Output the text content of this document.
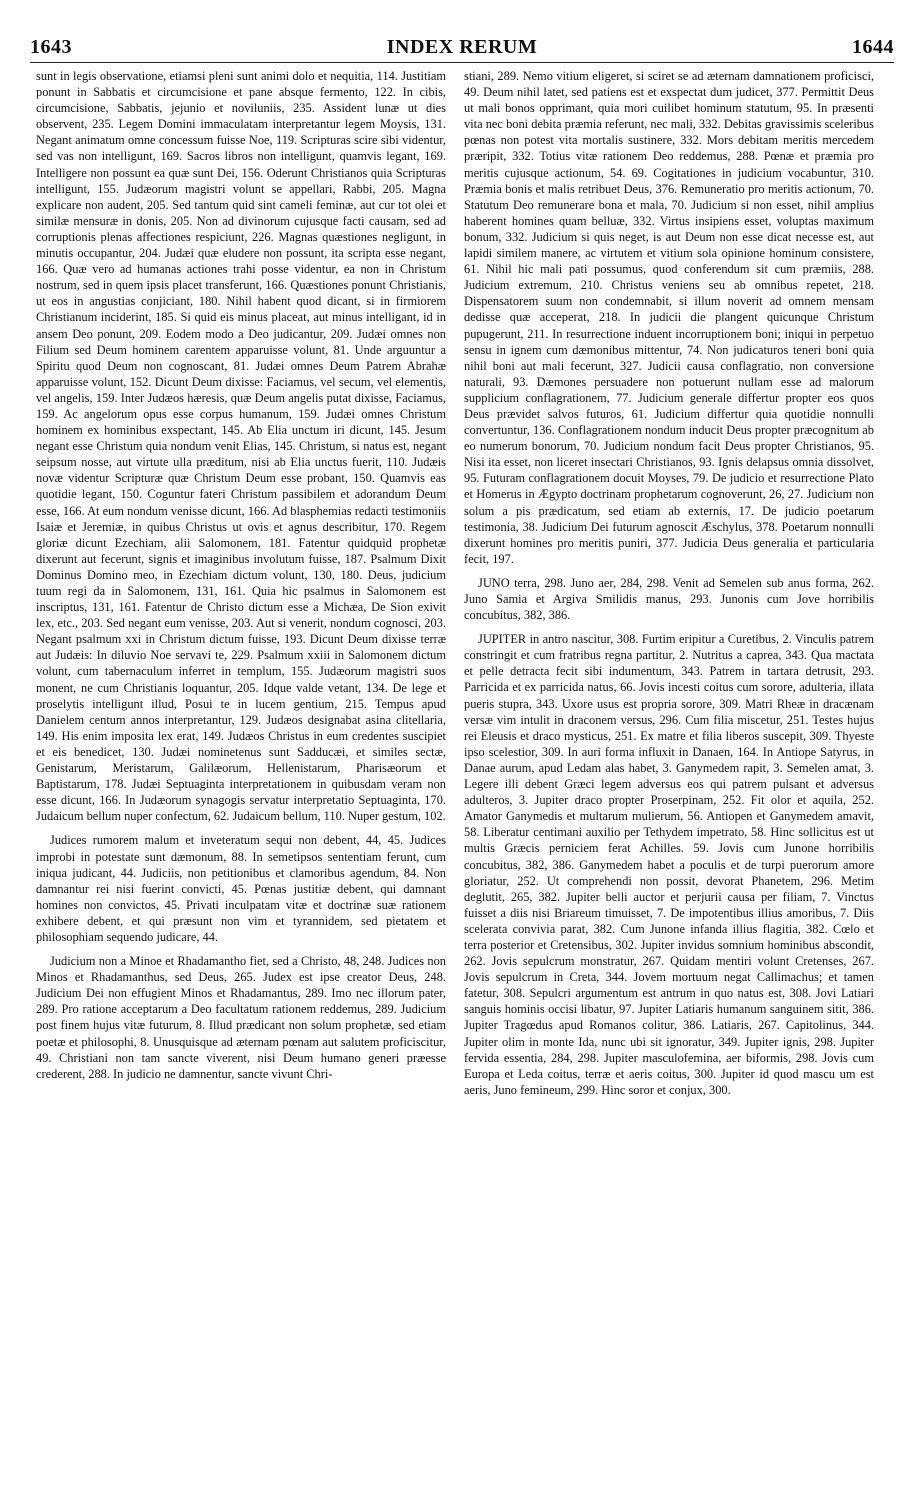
1643	INDEX RERUM	1644

sunt in legis observatione, etiamsi pleni sunt animi dolo et nequitia, 114. Justitiam ponunt in Sabbatis et circumcisione et pane absque fermento, 122. In cibis, circumcisione, Sabbatis, jejunio et noviluniis, 235. Assident lunæ ut dies observent, 235. Legem Domini immaculatam interpretantur legem Moysis, 131. Negant animatum omne concessum fuisse Noe, 119. Scripturas scire sibi videntur, sed vas non intelligunt, 169. Sacros libros non intelligunt, quamvis legant, 169. Intelligere non possunt ea quæ sunt Dei, 156. Oderunt Christianos quia Scripturas intelligunt, 155. Judæorum magistri volunt se appellari, Rabbi, 205. Magna explicare non audent, 205. Sed tantum quid sint cameli feminæ, aut cur tot olei et similæ mensuræ in donis, 205. Non ad divinorum cujusque facti causam, sed ad corruptionis plenas affectiones respiciunt, 226. Magnas quæstiones negligunt, in minutis occupantur, 204. Judæi quæ eludere non possunt, ita scripta esse negant, 166. Quæ vero ad humanas actiones trahi posse videntur, ea non in Christum nostrum, sed in quem ipsis placet transferunt, 166. Quæstiones ponunt Christianis, ut eos in angustias conjiciant, 180. Nihil habent quod dicant, si in firmiorem Christianum inciderint, 185. Si quid eis minus placeat, aut minus intelligant, id in ansem Deo ponunt, 209. Eodem modo a Deo judicantur, 209. Judæi omnes non Filium sed Deum hominem carentem apparuisse volunt, 81. Unde arguuntur a Spiritu quod Deum non cognoscant, 81. Judæi omnes Deum Patrem Abrahæ apparuisse volunt, 152. Dicunt Deum dixisse: Faciamus, vel secum, vel elementis, vel angelis, 159. Inter Judæos hæresis, quæ Deum angelis putat dixisse, Faciamus, 159. Ac angelorum opus esse corpus humanum, 159. Judæi omnes Christum hominem ex hominibus exspectant, 145. Ab Elia unctum iri dicunt, 145. Jesum negant esse Christum quia nondum venit Elias, 145. Christum, si natus est, negant seipsum nosse, aut virtute ulla præditum, nisi ab Elia unctus fuerit, 110. Judæis novæ videntur Scripturæ quæ Christum Deum esse probant, 150. Quamvis eas quotidie legant, 150. Coguntur fateri Christum passibilem et adorandum Deum esse, 166. At eum nondum venisse dicunt, 166. Ad blasphemias redacti testimoniis Isaiæ et Jeremiæ, in quibus Christus ut ovis et agnus describitur, 170. Regem gloriæ dicunt Ezechiam, alii Salomonem, 181. Fatentur quidquid prophetæ dixerunt aut fecerunt, signis et imaginibus involutum fuisse, 187. Psalmum Dixit Dominus Domino meo, in Ezechiam dictum volunt, 130, 180. Deus, judicium tuum regi da in Salomonem, 131, 161. Quia hic psalmus in Salomonem est inscriptus, 131, 161. Fatentur de Christo dictum esse a Michæa, De Sion exivit lex, etc., 203. Sed negant eum venisse, 203. Aut si venerit, nondum cognosci, 203. Negant psalmum xxi in Christum dictum fuisse, 193. Dicunt Deum dixisse terræ aut Judæis: In diluvio Noe servavi te, 229. Psalmum xxiii in Salomonem dictum volunt, cum tabernaculum inferret in templum, 155. Judæorum magistri suos monent, ne cum Christianis loquantur, 205. Idque valde vetant, 134. De lege et proselytis intelligunt illud, Posui te in lucem gentium, 215. Tempus apud Danielem centum annos interpretantur, 129. Judæos designabat asina clitellaria, 149. His enim imposita lex erat, 149. Judæos Christus in eum credentes suscipiet et eis benedicet, 130. Judæi nominetenus sunt Sadducæi, et similes sectæ, Genistarum, Meristarum, Galilæorum, Hellenistarum, Pharisæorum et Baptistarum, 178. Judæi Septuaginta interpretationem in quibusdam veram non esse dicunt, 166. In Judæorum synagogis servatur interpretatio Septuaginta, 170. Judaicum bellum nuper confectum, 62. Judaicum bellum, 110. Nuper gestum, 102.

Judices rumorem malum et inveteratum sequi non debent, 44, 45. Judices improbi in potestate sunt dæmonum, 88. In semetipsos sententiam ferunt, cum iniqua judicant, 44. Judiciis, non petitionibus et clamoribus agendum, 84. Non damnantur rei nisi fuerint convicti, 45. Pœnas justitiæ debent, qui damnant homines non convictos, 45. Privati inculpatam vitæ et doctrinæ suæ rationem exhibere debent, et qui præsunt non vim et tyrannidem, sed pietatem et philosophiam sequendo judicare, 44.

Judicium non a Minoe et Rhadamantho fiet, sed a Christo, 48, 248. Judices non Minos et Rhadamanthus, sed Deus, 265. Judex est ipse creator Deus, 248. Judicium Dei non effugient Minos et Rhadamantus, 289. Imo nec illorum pater, 289. Pro ratione acceptarum a Deo facultatum rationem reddemus, 289. Judicium post finem hujus vitæ futurum, 8. Illud prædicant non solum prophetæ, sed etiam poetæ et philosophi, 8. Unusquisque ad æternam pœnam aut salutem proficiscitur, 49. Christiani non tam sancte viverent, nisi Deum humano generi præesse crederent, 288. In judicio ne damnentur, sancte vivunt Chri-

stiani, 289. Nemo vitium eligeret, si sciret se ad æternam damnationem proficisci, 49. Deum nihil latet, sed patiens est et exspectat dum judicet, 377. Permittit Deus ut mali bonos opprimant, quia mori cuilibet hominum statutum, 95. In præsenti vita nec boni debita præmia referunt, nec mali, 332. Debitas gravissimis sceleribus pœnas non potest vita mortalis sustinere, 332. Mors debitam meritis mercedem præripit, 332. Totius vitæ rationem Deo reddemus, 288. Pœnæ et præmia pro meritis cujusque actionum, 54. 69. Cogitationes in judicium vocabuntur, 310. Præmia bonis et malis retribuet Deus, 376. Remuneratio pro meritis actionum, 70. Statutum Deo remunerare bona et mala, 70. Judicium si non esset, nihil amplius haberent homines quam belluæ, 332. Virtus insipiens esset, voluptas maximum bonum, 332. Judicium si quis neget, is aut Deum non esse dicat necesse est, aut lapidi similem manere, ac virtutem et vitium sola opinione hominum consistere, 61. Nihil hic mali pati possumus, quod conferendum sit cum præmiis, 288. Judicium extremum, 210. Christus veniens seu ab omnibus repetet, 218. Dispensatorem suum non condemnabit, si illum noverit ad omnem mensam dedisse quæ acceperat, 218. In judicii die plangent quicunque Christum pupugerunt, 211. In resurrectione induent incorruptionem boni; iniqui in perpetuo sensu in ignem cum dæmonibus mittentur, 74. Non judicaturos teneri boni quia nihil boni aut mali fecerunt, 327. Judicii causa conflagratio, non conversione naturali, 93. Dæmones persuadere non potuerunt nullam esse ad malorum supplicium conflagrationem, 77. Judicium generale differtur propter eos quos Deus prævidet salvos futuros, 61. Judicium differtur quia quotidie nonnulli convertuntur, 136. Conflagrationem nondum inducit Deus propter præcognitum ab eo numerum bonorum, 70. Judicium nondum facit Deus propter Christianos, 95. Nisi ita esset, non liceret insectari Christianos, 93. Ignis delapsus omnia dissolvet, 95. Futuram conflagrationem docuit Moyses, 79. De judicio et resurrectione Plato et Homerus in Ægypto doctrinam prophetarum cognoverunt, 26, 27. Judicium non solum a pis prædicatum, sed etiam ab externis, 17. De judicio poetarum testimonia, 38. Judicium Dei futurum agnoscit Æschylus, 378. Poetarum nonnulli dixerunt homines pro meritis puniri, 377. Judicia Deus generalia et particularia fecit, 197.

JUNO terra, 298. Juno aer, 284, 298. Venit ad Semelen sub anus forma, 262. Juno Samia et Argiva Smilidis manus, 293. Junonis cum Jove horribilis concubitus, 382, 386.

JUPITER in antro nascitur, 308. Furtim eripitur a Curetibus, 2. Vinculis patrem constringit et cum fratribus regna partitur, 2. Nutritus a caprea, 343. Qua mactata et pelle detracta fecit sibi indumentum, 343. Patrem in tartara detrusit, 293. Parricida et ex parricida natus, 66. Jovis incesti coitus cum sorore, adulteria, illata pueris stupra, 343. Uxore usus est propria sorore, 309. Matri Rheæ in dracænam versæ vim intulit in draconem versus, 296. Cum filia miscetur, 251. Testes hujus rei Eleusis et draco mysticus, 251. Ex matre et filia liberos suscepit, 309. Thyeste ipso scelestior, 309. In auri forma influxit in Danaen, 164. In Antiope Satyrus, in Danae aurum, apud Ledam alas habet, 3. Ganymedem rapit, 3. Semelen amat, 3. Legere illi debent Græci legem adversus eos qui patrem pulsant et adversus adulteros, 3. Jupiter draco propter Proserpinam, 252. Fit olor et aquila, 252. Amator Ganymedis et multarum mulierum, 56. Antiopen et Ganymedem amavit, 58. Liberatur centimani auxilio per Tethydem impetrato, 58. Hinc sollicitus est ut multis Græcis perniciem ferat Achilles. 59. Jovis cum Junone horribilis concubitus, 382, 386. Ganymedem habet a poculis et de turpi puerorum amore gloriatur, 252. Ut comprehendi non possit, devorat Phanetem, 296. Metim deglutit, 265, 382. Jupiter belli auctor et perjurii causa per filiam, 7. Vinctus fuisset a diis nisi Briareum timuisset, 7. De impotentibus illius amoribus, 7. Diis scelerata convivia parat, 382. Cum Junone infanda illius flagitia, 382. Cœlo et terra posterior et Cretensibus, 302. Jupiter invidus somnium hominibus abscondit, 262. Jovis sepulcrum monstratur, 267. Quidam mentiri volunt Cretenses, 267. Jovis sepulcrum in Creta, 344. Jovem mortuum negat Callimachus; et tamen fatetur, 308. Sepulcri argumentum est antrum in quo natus est, 308. Jovi Latiari sanguis hominis occisi libatur, 97. Jupiter Latiaris humanum sanguinem sitit, 386. Jupiter Tragœdus apud Romanos colitur, 386. Latiaris, 267. Capitolinus, 344. Jupiter olim in monte Ida, nunc ubi sit ignoratur, 349. Jupiter ignis, 298. Jupiter fervida essentia, 284, 298. Jupiter masculofemina, aer biformis, 298. Jovis cum Europa et Leda coitus, terræ et aeris coitus, 300. Jupiter id quod mascu um est aeris, Juno femineum, 299. Hinc soror et conjux, 300.
